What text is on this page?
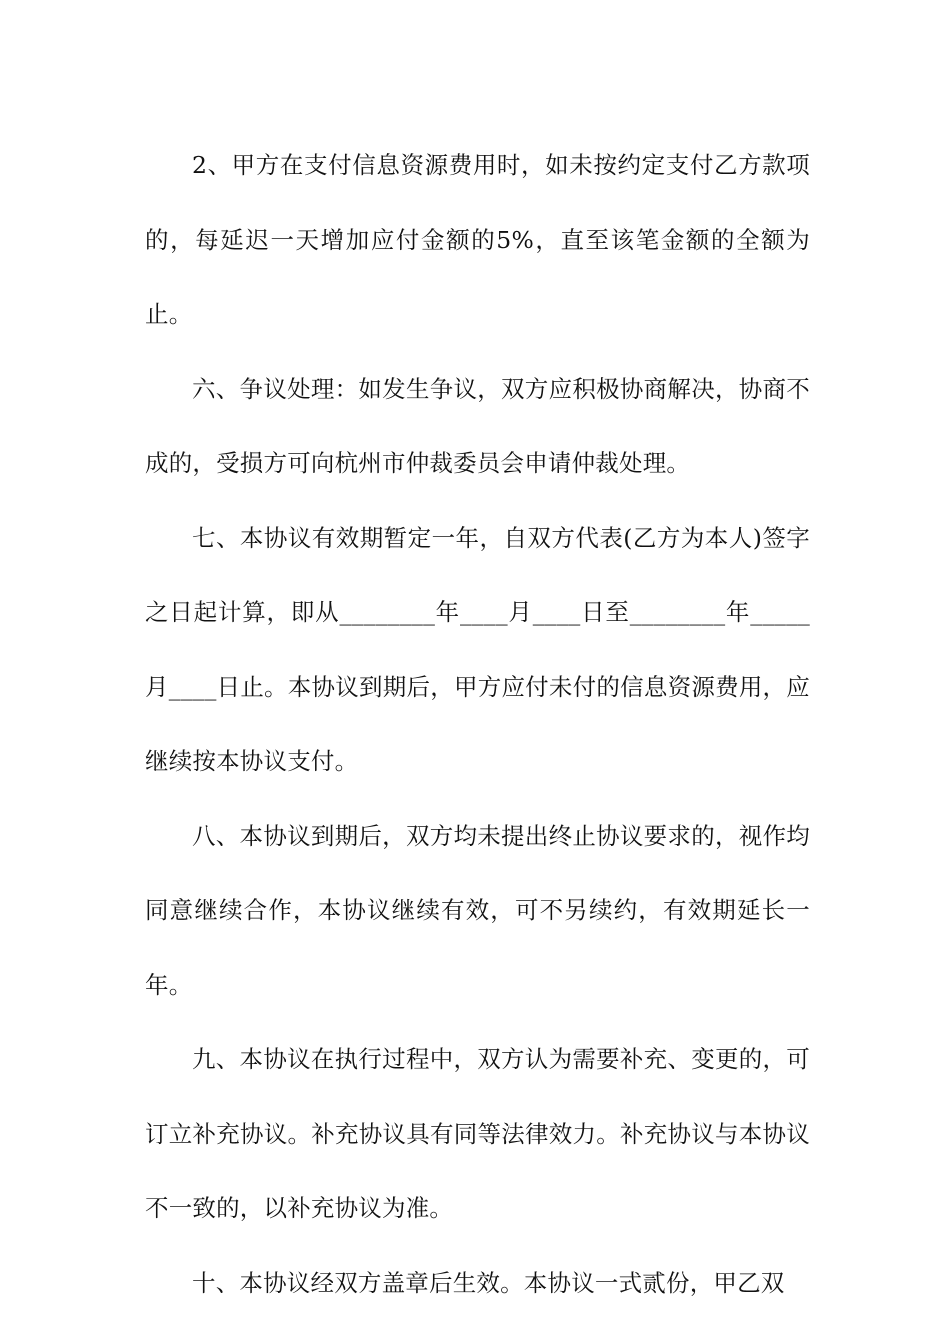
2、甲方在支付信息资源费用时，如未按约定支付乙方款项的，每延迟一天增加应付金额的5%，直至该笔金额的全额为止。

六、争议处理：如发生争议，双方应积极协商解决，协商不成的，受损方可向杭州市仲裁委员会申请仲裁处理。

七、本协议有效期暂定一年，自双方代表(乙方为本人)签字之日起计算，即从________年____月____日至________年_____月____日止。本协议到期后，甲方应付未付的信息资源费用，应继续按本协议支付。

八、本协议到期后，双方均未提出终止协议要求的，视作均同意继续合作，本协议继续有效，可不另续约，有效期延长一年。

九、本协议在执行过程中，双方认为需要补充、变更的，可订立补充协议。补充协议具有同等法律效力。补充协议与本协议不一致的，以补充协议为准。

十、本协议经双方盖章后生效。本协议一式贰份，甲乙双
